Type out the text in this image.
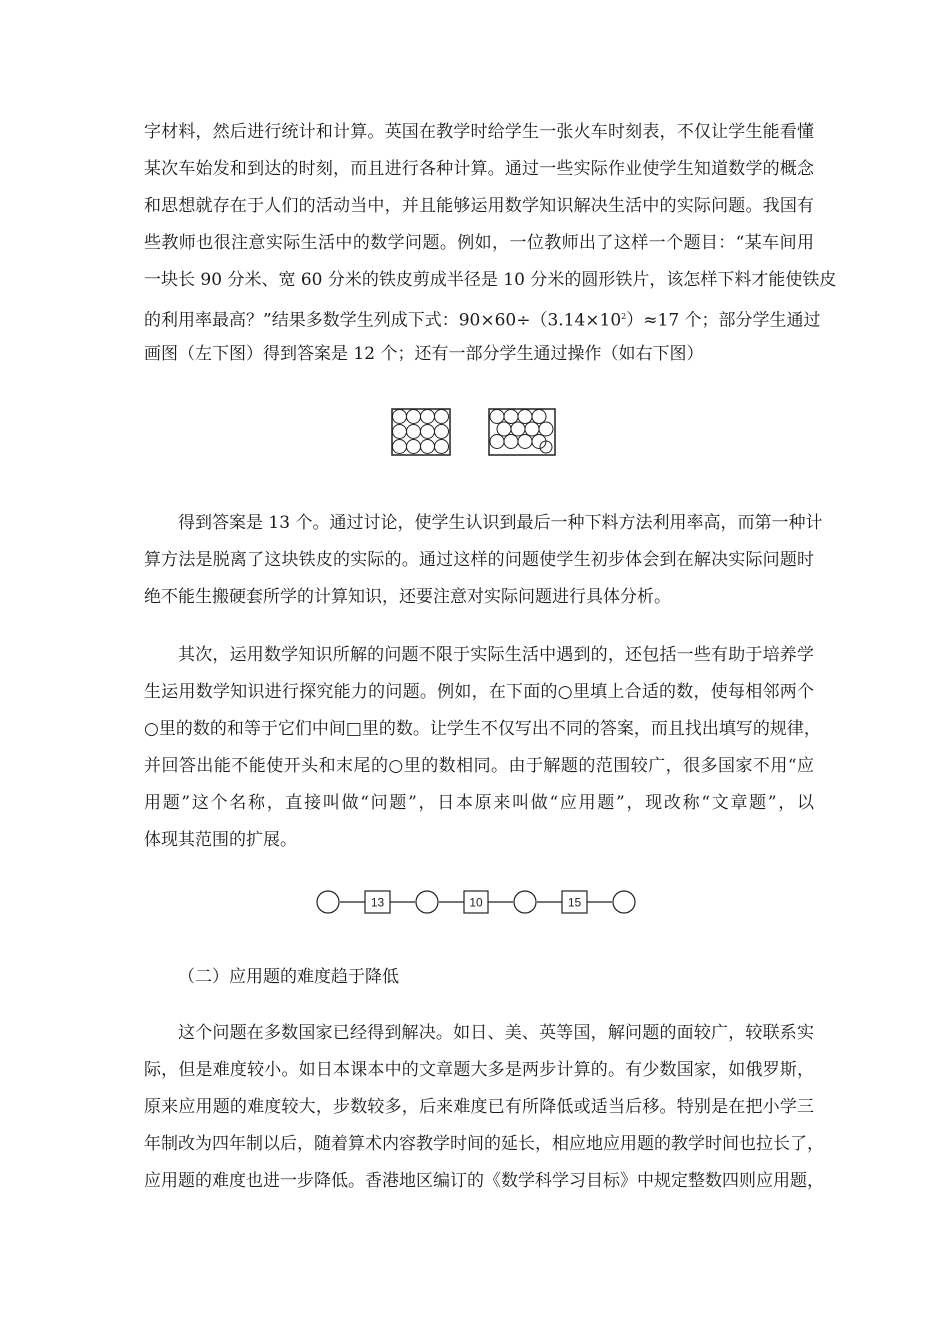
字材料，然后进行统计和计算。英国在教学时给学生一张火车时刻表，不仅让学生能看懂
某次车始发和到达的时刻，而且进行各种计算。通过一些实际作业使学生知道数学的概念
和思想就存在于人们的活动当中，并且能够运用数学知识解决生活中的实际问题。我国有
些教师也很注意实际生活中的数学问题。例如，一位教师出了这样一个题目：“某车间用
一块长 90 分米、宽 60 分米的铁皮剪成半径是 10 分米的圆形铁片，该怎样下料才能使铁皮
的利用率最高？”结果多数学生列成下式：$90\times 60\div(3.14\times 10^2)\approx 17$ 个；部分学生通过
画图（左下图）得到答案是 12 个；还有一部分学生通过操作（如右下图）
得到答案是 13 个。通过讨论，使学生认识到最后一种下料方法利用率高，而第一种计
算方法是脱离了这块铁皮的实际的。通过这样的问题使学生初步体会到在解决实际问题时
绝不能生搬硬套所学的计算知识，还要注意对实际问题进行具体分析。
其次，运用数学知识所解的问题不限于实际生活中遇到的，还包括一些有助于培养学
生运用数学知识进行探究能力的问题。例如，在下面的○里填上合适的数，使每相邻两个
○里的数的和等于它们中间□里的数。让学生不仅写出不同的答案，而且找出填写的规律，
并回答出能不能使开头和末尾的○里的数相同。由于解题的范围较广，很多国家不用“应
用题”这个名称，直接叫做“问题”，日本原来叫做“应用题”，现改称“文章题”，以
体现其范围的扩展。
13	10	15
（二）应用题的难度趋于降低
这个问题在多数国家已经得到解决。如日、美、英等国，解问题的面较广，较联系实
际，但是难度较小。如日本课本中的文章题大多是两步计算的。有少数国家，如俄罗斯，
原来应用题的难度较大，步数较多，后来难度已有所降低或适当后移。特别是在把小学三
年制改为四年制以后，随着算术内容教学时间的延长，相应地应用题的教学时间也拉长了，
应用题的难度也进一步降低。香港地区编订的《数学科学习目标》中规定整数四则应用题，
